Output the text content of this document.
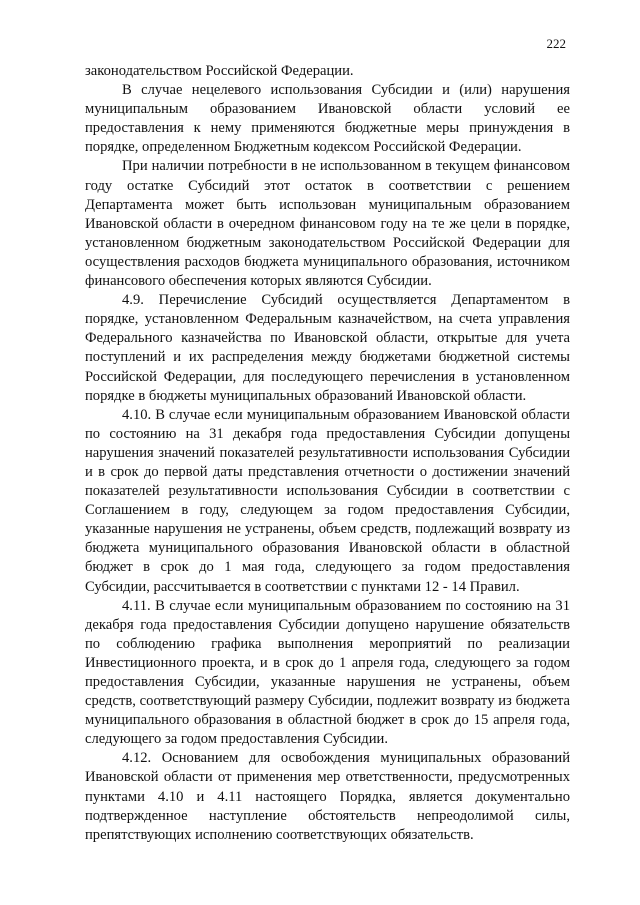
222

законодательством Российской Федерации.

В случае нецелевого использования Субсидии и (или) нарушения муниципальным образованием Ивановской области условий ее предоставления к нему применяются бюджетные меры принуждения в порядке, определенном Бюджетным кодексом Российской Федерации.

При наличии потребности в не использованном в текущем финансовом году остатке Субсидий этот остаток в соответствии с решением Департамента может быть использован муниципальным образованием Ивановской области в очередном финансовом году на те же цели в порядке, установленном бюджетным законодательством Российской Федерации для осуществления расходов бюджета муниципального образования, источником финансового обеспечения которых являются Субсидии.

4.9. Перечисление Субсидий осуществляется Департаментом в порядке, установленном Федеральным казначейством, на счета управления Федерального казначейства по Ивановской области, открытые для учета поступлений и их распределения между бюджетами бюджетной системы Российской Федерации, для последующего перечисления в установленном порядке в бюджеты муниципальных образований Ивановской области.

4.10. В случае если муниципальным образованием Ивановской области по состоянию на 31 декабря года предоставления Субсидии допущены нарушения значений показателей результативности использования Субсидии и в срок до первой даты представления отчетности о достижении значений показателей результативности использования Субсидии в соответствии с Соглашением в году, следующем за годом предоставления Субсидии, указанные нарушения не устранены, объем средств, подлежащий возврату из бюджета муниципального образования Ивановской области в областной бюджет в срок до 1 мая года, следующего за годом предоставления Субсидии, рассчитывается в соответствии с пунктами 12 - 14 Правил.

4.11. В случае если муниципальным образованием по состоянию на 31 декабря года предоставления Субсидии допущено нарушение обязательств по соблюдению графика выполнения мероприятий по реализации Инвестиционного проекта, и в срок до 1 апреля года, следующего за годом предоставления Субсидии, указанные нарушения не устранены, объем средств, соответствующий размеру Субсидии, подлежит возврату из бюджета муниципального образования в областной бюджет в срок до 15 апреля года, следующего за годом предоставления Субсидии.

4.12. Основанием для освобождения муниципальных образований Ивановской области от применения мер ответственности, предусмотренных пунктами 4.10 и 4.11 настоящего Порядка, является документально подтвержденное наступление обстоятельств непреодолимой силы, препятствующих исполнению соответствующих обязательств.
